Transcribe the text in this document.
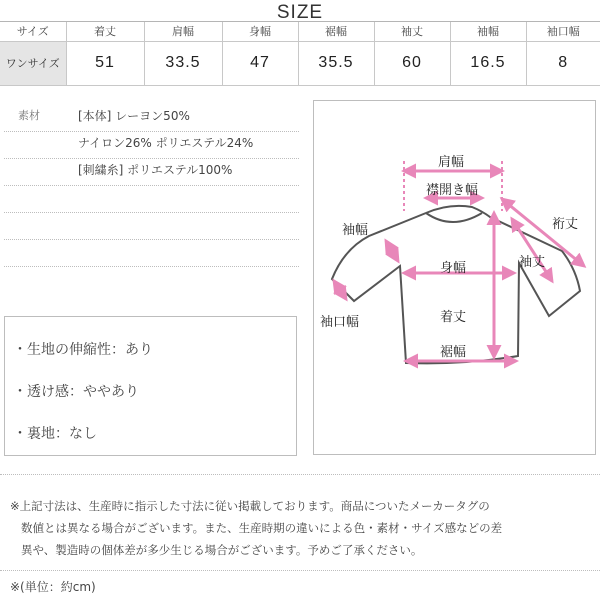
SIZE
サイズ	着丈	肩幅	身幅	裾幅	袖丈	袖幅	袖口幅
ワンサイズ	51	33.5	47	35.5	60	16.5	8
素材	[本体] レーヨン50%
ナイロン26% ポリエステル24%
[刺繍糸] ポリエステル100%
・生地の伸縮性：あり
・透け感：ややあり
・裏地：なし
肩幅
襟開き幅
袖幅	裄丈
袖丈
身幅
袖口幅	着丈
裾幅
※上記寸法は、生産時に指示した寸法に従い掲載しております。商品についたメーカータグの
数値とは異なる場合がございます。また、生産時期の違いによる色・素材・サイズ感などの差
異や、製造時の個体差が多少生じる場合がございます。予めご了承ください。
※(単位：約cm)
